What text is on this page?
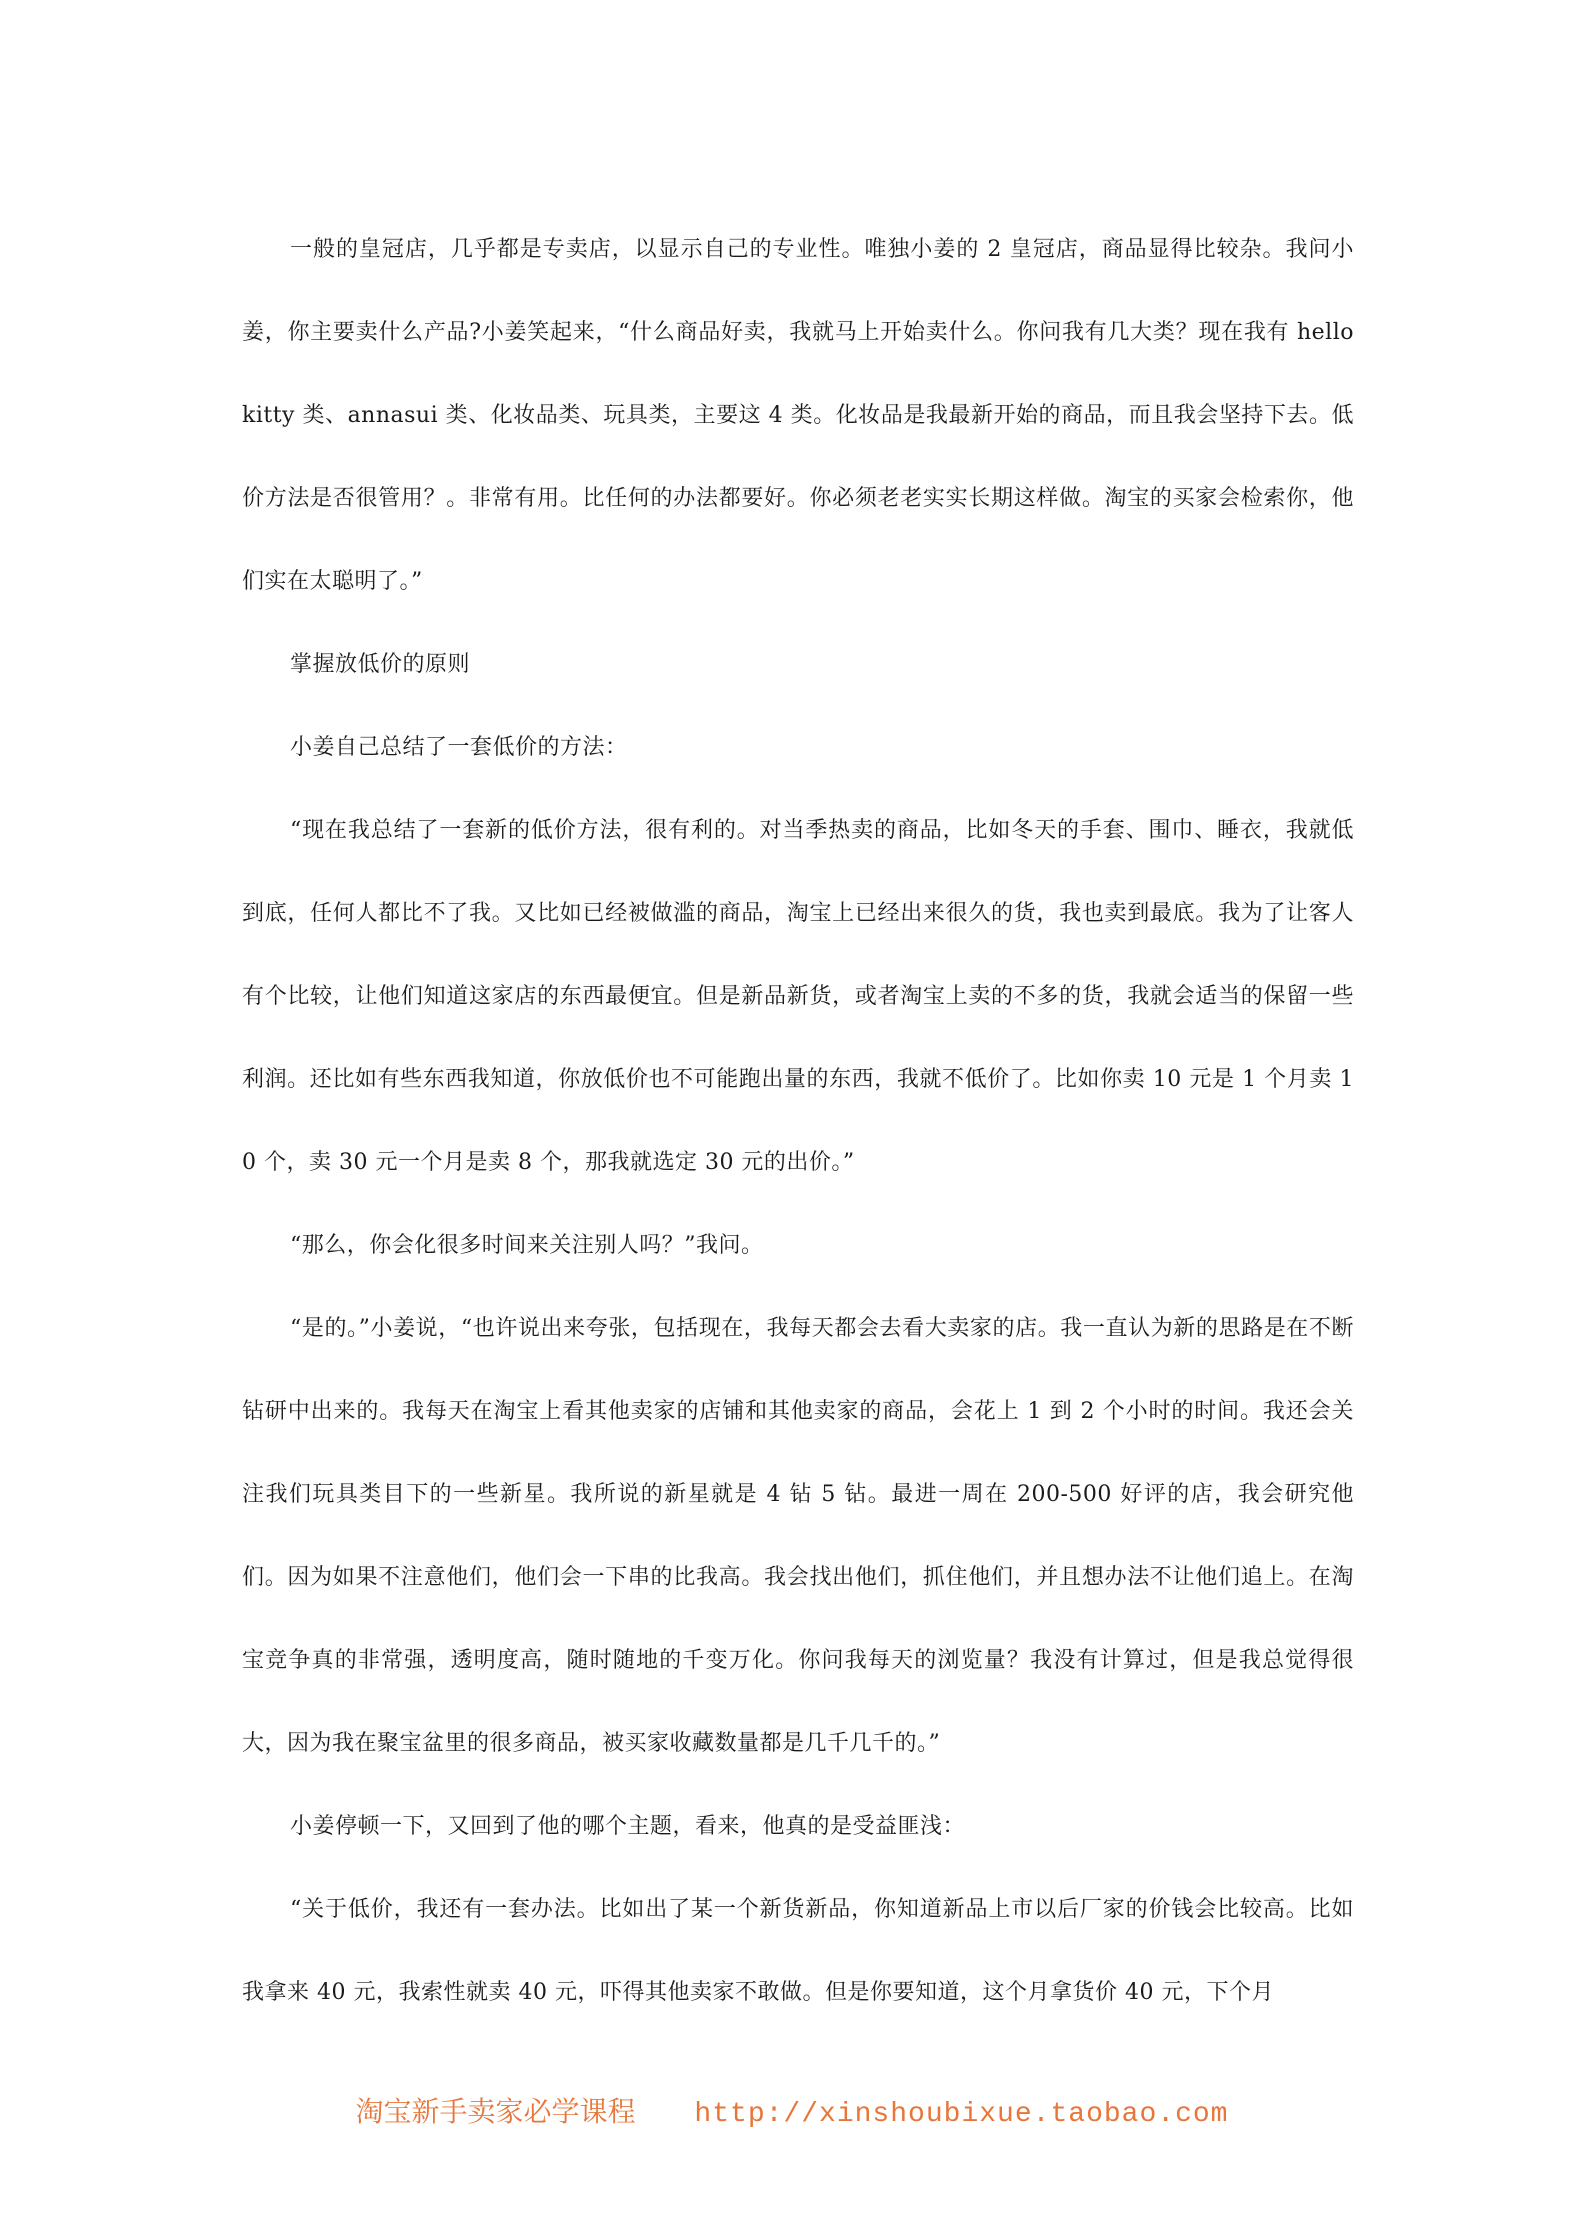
一般的皇冠店，几乎都是专卖店，以显示自己的专业性。唯独小姜的 2 皇冠店，商品显得比较杂。我问小姜，你主要卖什么产品?小姜笑起来，“什么商品好卖，我就马上开始卖什么。你问我有几大类？现在我有 hello kitty 类、annasui 类、化妆品类、玩具类，主要这 4 类。化妆品是我最新开始的商品，而且我会坚持下去。低价方法是否很管用？。非常有用。比任何的办法都要好。你必须老老实实长期这样做。淘宝的买家会检索你，他们实在太聪明了。”

掌握放低价的原则

小姜自己总结了一套低价的方法：

“现在我总结了一套新的低价方法，很有利的。对当季热卖的商品，比如冬天的手套、围巾、睡衣，我就低到底，任何人都比不了我。又比如已经被做滥的商品，淘宝上已经出来很久的货，我也卖到最底。我为了让客人有个比较，让他们知道这家店的东西最便宜。但是新品新货，或者淘宝上卖的不多的货，我就会适当的保留一些利润。还比如有些东西我知道，你放低价也不可能跑出量的东西，我就不低价了。比如你卖 10 元是 1 个月卖 10 个，卖 30 元一个月是卖 8 个，那我就选定 30 元的出价。”

“那么，你会化很多时间来关注别人吗？”我问。

“是的。”小姜说，“也许说出来夸张，包括现在，我每天都会去看大卖家的店。我一直认为新的思路是在不断钻研中出来的。我每天在淘宝上看其他卖家的店铺和其他卖家的商品，会花上 1 到 2 个小时的时间。我还会关注我们玩具类目下的一些新星。我所说的新星就是 4 钻 5 钻。最进一周在 200-500 好评的店，我会研究他们。因为如果不注意他们，他们会一下串的比我高。我会找出他们，抓住他们，并且想办法不让他们追上。在淘宝竞争真的非常强，透明度高，随时随地的千变万化。你问我每天的浏览量？我没有计算过，但是我总觉得很大，因为我在聚宝盆里的很多商品，被买家收藏数量都是几千几千的。”

小姜停顿一下，又回到了他的哪个主题，看来，他真的是受益匪浅：

“关于低价，我还有一套办法。比如出了某一个新货新品，你知道新品上市以后厂家的价钱会比较高。比如我拿来 40 元，我索性就卖 40 元，吓得其他卖家不敢做。但是你要知道，这个月拿货价 40 元，下个月

淘宝新手卖家必学课程 http://xinshoubixue.taobao.com
